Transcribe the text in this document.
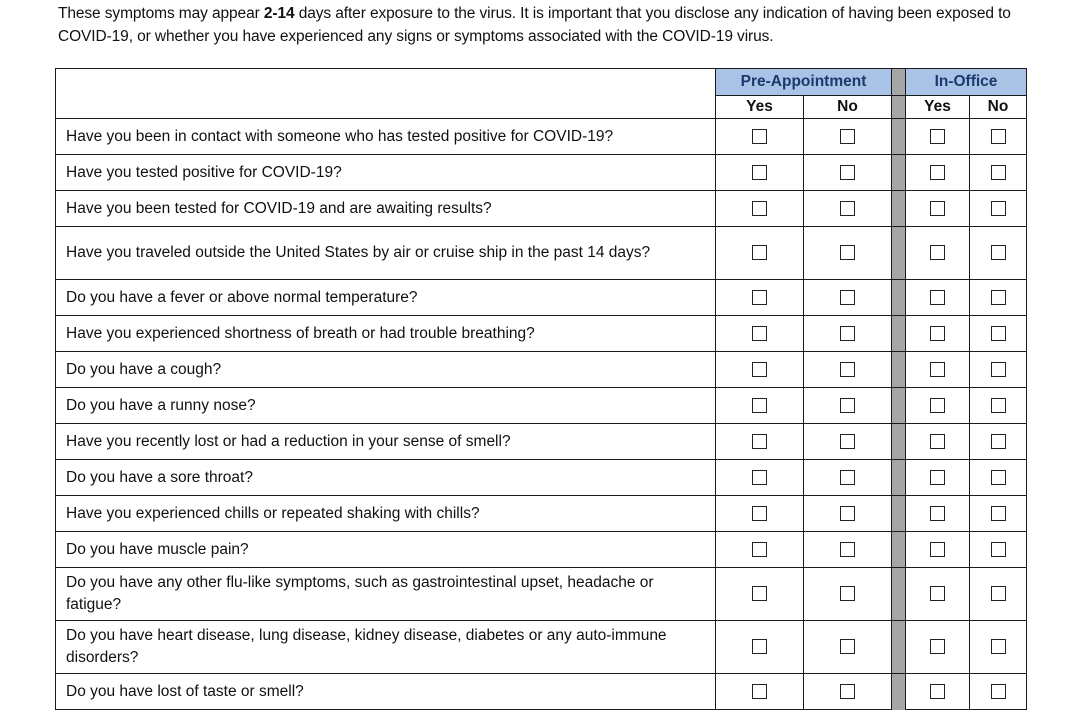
These symptoms may appear 2-14 days after exposure to the virus. It is important that you disclose any indication of having been exposed to COVID-19, or whether you have experienced any signs or symptoms associated with the COVID-19 virus.
	Pre-Appointment			In-Office	
	Yes	No		Yes	No
Have you been in contact with someone who has tested positive for COVID-19?					
Have you tested positive for COVID-19?					
Have you been tested for COVID-19 and are awaiting results?					
Have you traveled outside the United States by air or cruise ship in the past 14 days?					
Do you have a fever or above normal temperature?					
Have you experienced shortness of breath or had trouble breathing?					
Do you have a cough?					
Do you have a runny nose?					
Have you recently lost or had a reduction in your sense of smell?					
Do you have a sore throat?					
Have you experienced chills or repeated shaking with chills?					
Do you have muscle pain?					
Do you have any other flu-like symptoms, such as gastrointestinal upset, headache or fatigue?					
Do you have heart disease, lung disease, kidney disease, diabetes or any auto-immune disorders?					
Do you have lost of taste or smell?					
